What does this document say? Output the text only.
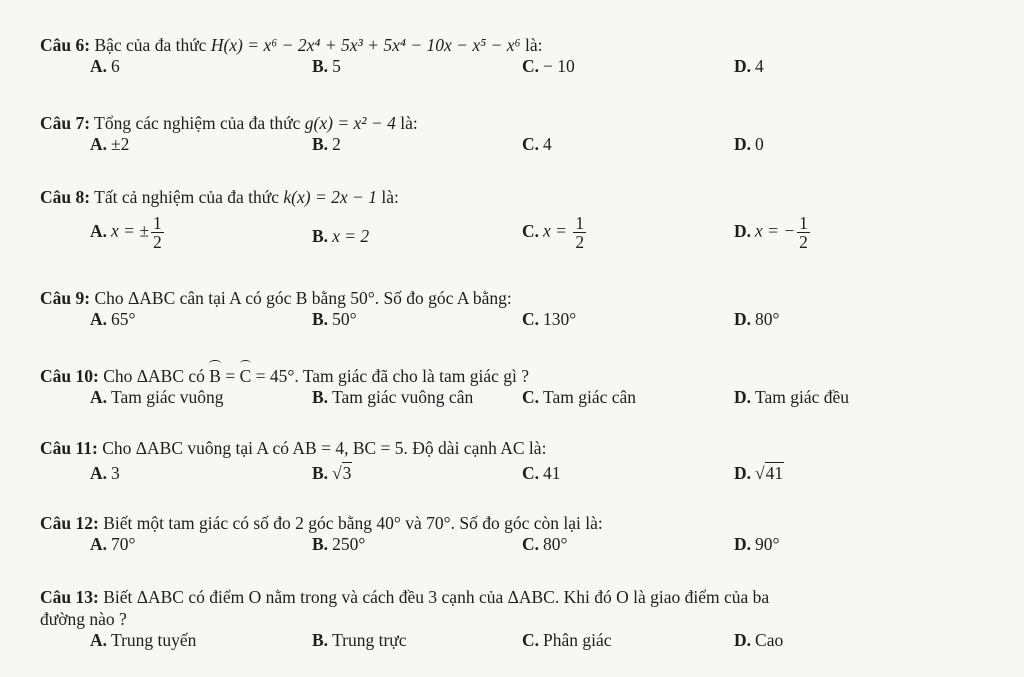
Câu 6: Bậc của đa thức H(x) = x⁶ − 2x⁴ + 5x³ + 5x⁴ − 10x − x⁵ − x⁶ là:
A. 6	B. 5	C. − 10	D. 4
Câu 7: Tổng các nghiệm của đa thức g(x) = x² − 4 là:
A. ±2	B. 2	C. 4	D. 0
Câu 8: Tất cả nghiệm của đa thức k(x) = 2x − 1 là:
A. x = ± $\frac{1}{2}$	B. x = 2	C. $x = \frac{1}{2}$	D. x = − $\frac{1}{2}$
Câu 9: Cho ΔABC cân tại A có góc B bằng 50°. Số đo góc A bằng:
A. 65°	B. 50°	C. 130°	D. 80°
Câu 10: Cho ΔABC có B = C = 45°. Tam giác đã cho là tam giác gì ?
A. Tam giác vuông	B. Tam giác vuông cân	C. Tam giác cân	D. Tam giác đều
Câu 11: Cho ΔABC vuông tại A có AB = 4, BC = 5. Độ dài cạnh AC là:
A. 3	B. √3	C. 41	D. √41
Câu 12: Biết một tam giác có số đo 2 góc bằng 40° và 70°. Số đo góc còn lại là:
A. 70°	B. 250°	C. 80°	D. 90°
Câu 13: Biết ΔABC có điểm O nằm trong và cách đều 3 cạnh của ΔABC. Khi đó O là giao điểm của ba
đường nào ?
A. Trung tuyến	B. Trung trực	C. Phân giác	D. Cao
